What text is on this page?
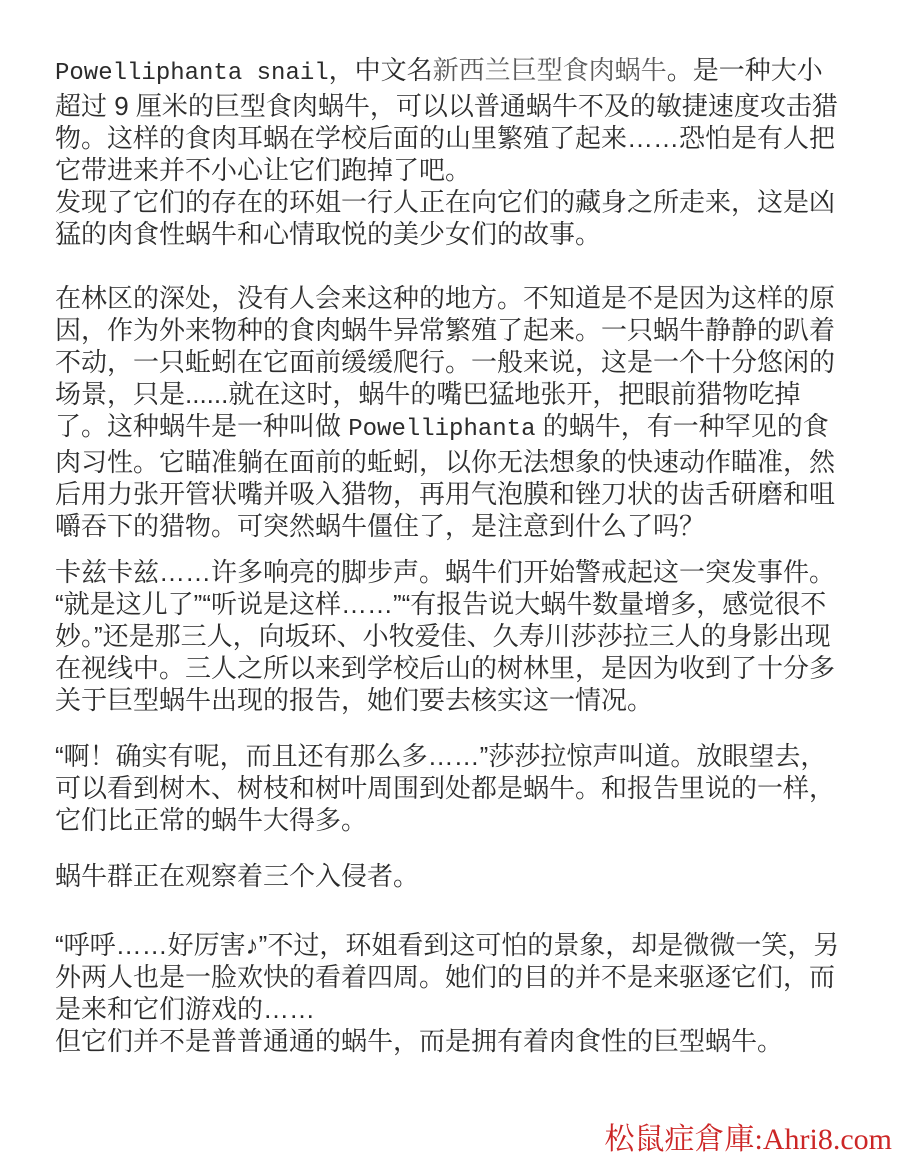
Powelliphanta snail，中文名新西兰巨型食肉蜗牛。是一种大小超过 9 厘米的巨型食肉蜗牛，可以以普通蜗牛不及的敏捷速度攻击猎物。这样的食肉耳蜗在学校后面的山里繁殖了起来……恐怕是有人把它带进来并不小心让它们跑掉了吧。

发现了它们的存在的环姐一行人正在向它们的藏身之所走来，这是凶猛的肉食性蜗牛和心情取悦的美少女们的故事。

在林区的深处，没有人会来这种的地方。不知道是不是因为这样的原因，作为外来物种的食肉蜗牛异常繁殖了起来。一只蜗牛静静的趴着不动，一只蚯蚓在它面前缓缓爬行。一般来说，这是一个十分悠闲的场景，只是......就在这时，蜗牛的嘴巴猛地张开，把眼前猎物吃掉了。这种蜗牛是一种叫做 Powelliphanta 的蜗牛，有一种罕见的食肉习性。它瞄准躺在面前的蚯蚓，以你无法想象的快速动作瞄准，然后用力张开管状嘴并吸入猎物，再用气泡膜和锉刀状的齿舌研磨和咀嚼吞下的猎物。可突然蜗牛僵住了，是注意到什么了吗？

卡兹卡兹……许多响亮的脚步声。蜗牛们开始警戒起这一突发事件。

“就是这儿了”“听说是这样……”“有报告说大蜗牛数量增多，感觉很不妙。”还是那三人，向坂环、小牧爱佳、久寿川莎莎拉三人的身影出现在视线中。三人之所以来到学校后山的树林里，是因为收到了十分多关于巨型蜗牛出现的报告，她们要去核实这一情况。

“啊！确实有呢，而且还有那么多……”莎莎拉惊声叫道。放眼望去，可以看到树木、树枝和树叶周围到处都是蜗牛。和报告里说的一样，它们比正常的蜗牛大得多。

蜗牛群正在观察着三个入侵者。

“呼呼……好厉害♪”不过，环姐看到这可怕的景象，却是微微一笑，另外两人也是一脸欢快的看着四周。她们的目的并不是来驱逐它们，而是来和它们游戏的……

但它们并不是普普通通的蜗牛，而是拥有着肉食性的巨型蜗牛。

松鼠症倉庫:Ahri8.com
